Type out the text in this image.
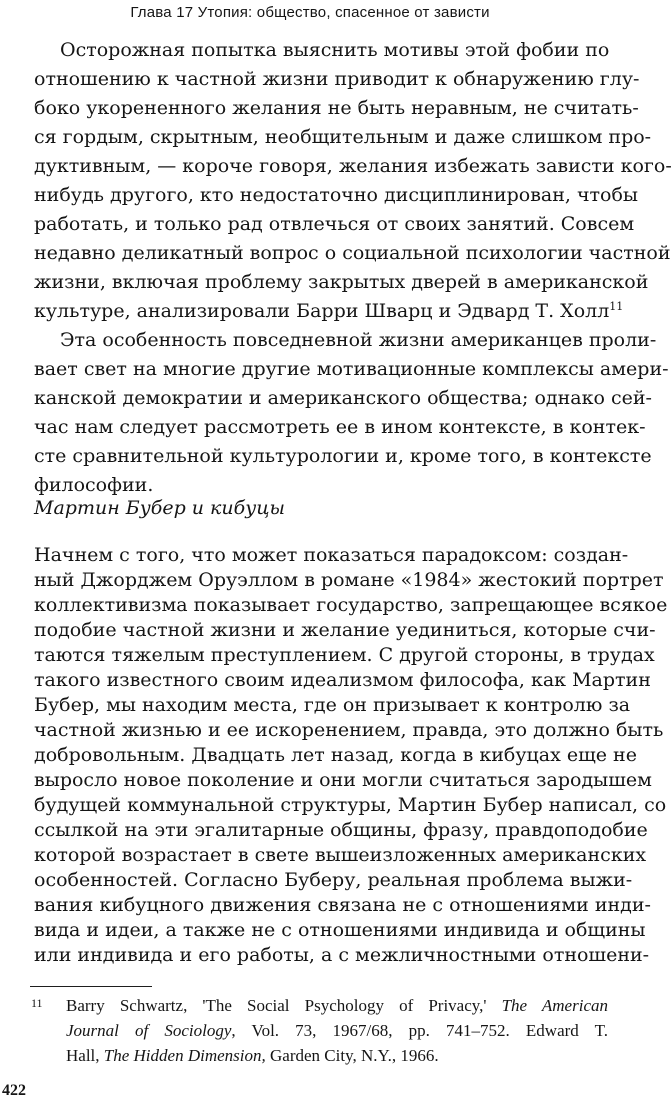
Глава 17 Утопия: общество, спасенное от зависти
Осторожная попытка выяснить мотивы этой фобии по
отношению к частной жизни приводит к обнаружению глу-
боко укорененного желания не быть неравным, не считать-
ся гордым, скрытным, необщительным и даже слишком про-
дуктивным, — короче говоря, желания избежать зависти кого-
нибудь другого, кто недостаточно дисциплинирован, чтобы
работать, и только рад отвлечься от своих занятий. Совсем
недавно деликатный вопрос о социальной психологии частной
жизни, включая проблему закрытых дверей в американской
культуре, анализировали Барри Шварц и Эдвард Т. Холл$^{11}$
Эта особенность повседневной жизни американцев проли-
вает свет на многие другие мотивационные комплексы амери-
канской демократии и американского общества; однако сей-
час нам следует рассмотреть ее в ином контексте, в контек-
сте сравнительной культурологии и, кроме того, в контексте
философии.
Мартин Бубер и кибуцы
Начнем с того, что может показаться парадоксом: создан-
ный Джорджем Оруэллом в романе «1984» жестокий портрет
коллективизма показывает государство, запрещающее всякое
подобие частной жизни и желание уединиться, которые счи-
таются тяжелым преступлением. С другой стороны, в трудах
такого известного своим идеализмом философа, как Мартин
Бубер, мы находим места, где он призывает к контролю за
частной жизнью и ее искоренением, правда, это должно быть
добровольным. Двадцать лет назад, когда в кибуцах еще не
выросло новое поколение и они могли считаться зародышем
будущей коммунальной структуры, Мартин Бубер написал, со
ссылкой на эти эгалитарные общины, фразу, правдоподобие
которой возрастает в свете вышеизложенных американских
особенностей. Согласно Буберу, реальная проблема выжи-
вания кибуцного движения связана не с отношениями инди-
вида и идеи, а также не с отношениями индивида и общины
или индивида и его работы, а с межличностными отношени-
11 Barry Schwartz, 'The Social Psychology of Privacy,' The American
Journal of Sociology, Vol. 73, 1967/68, pp. 741–752. Edward T.
Hall, The Hidden Dimension, Garden City, N.Y., 1966.
422
